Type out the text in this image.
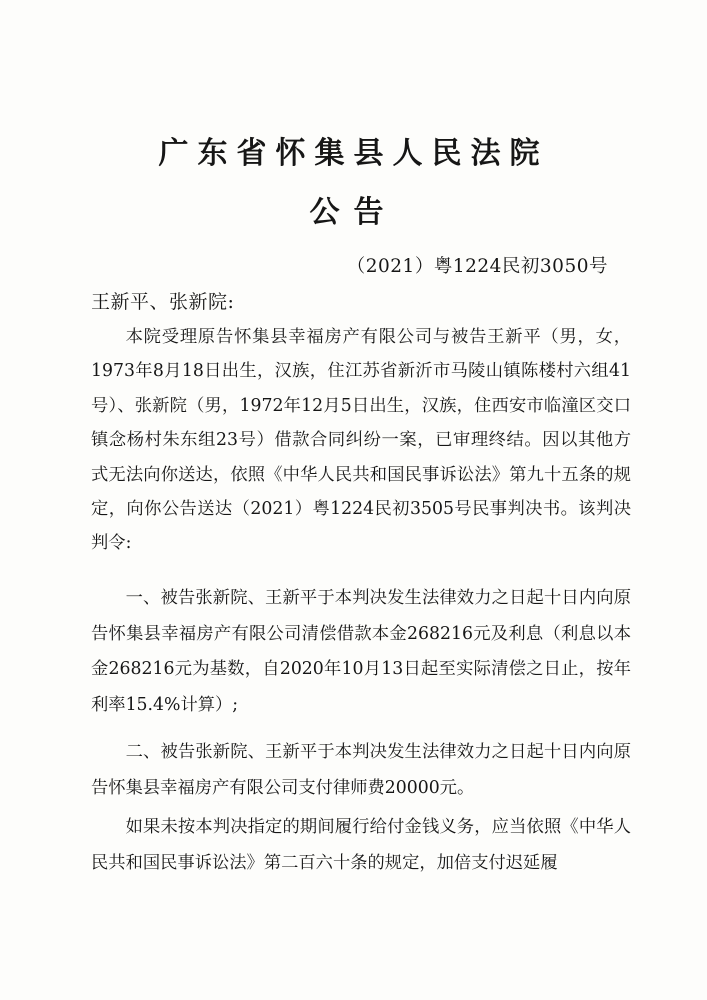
广东省怀集县人民法院
公告
（2021）粤1224民初3050号
王新平、张新院:

本院受理原告怀集县幸福房产有限公司与被告王新平（男，女，1973年8月18日出生，汉族，住江苏省新沂市马陵山镇陈楼村六组41号）、张新院（男，1972年12月5日出生，汉族，住西安市临潼区交口镇念杨村朱东组23号）借款合同纠纷一案，已审理终结。因以其他方式无法向你送达，依照《中华人民共和国民事诉讼法》第九十五条的规定，向你公告送达（2021）粤1224民初3505号民事判决书。该判决判令:

一、被告张新院、王新平于本判决发生法律效力之日起十日内向原告怀集县幸福房产有限公司清偿借款本金268216元及利息（利息以本金268216元为基数，自2020年10月13日起至实际清偿之日止，按年利率15.4%计算）;

二、被告张新院、王新平于本判决发生法律效力之日起十日内向原告怀集县幸福房产有限公司支付律师费20000元。

如果未按本判决指定的期间履行给付金钱义务，应当依照《中华人民共和国民事诉讼法》第二百六十条的规定，加倍支付迟延履
